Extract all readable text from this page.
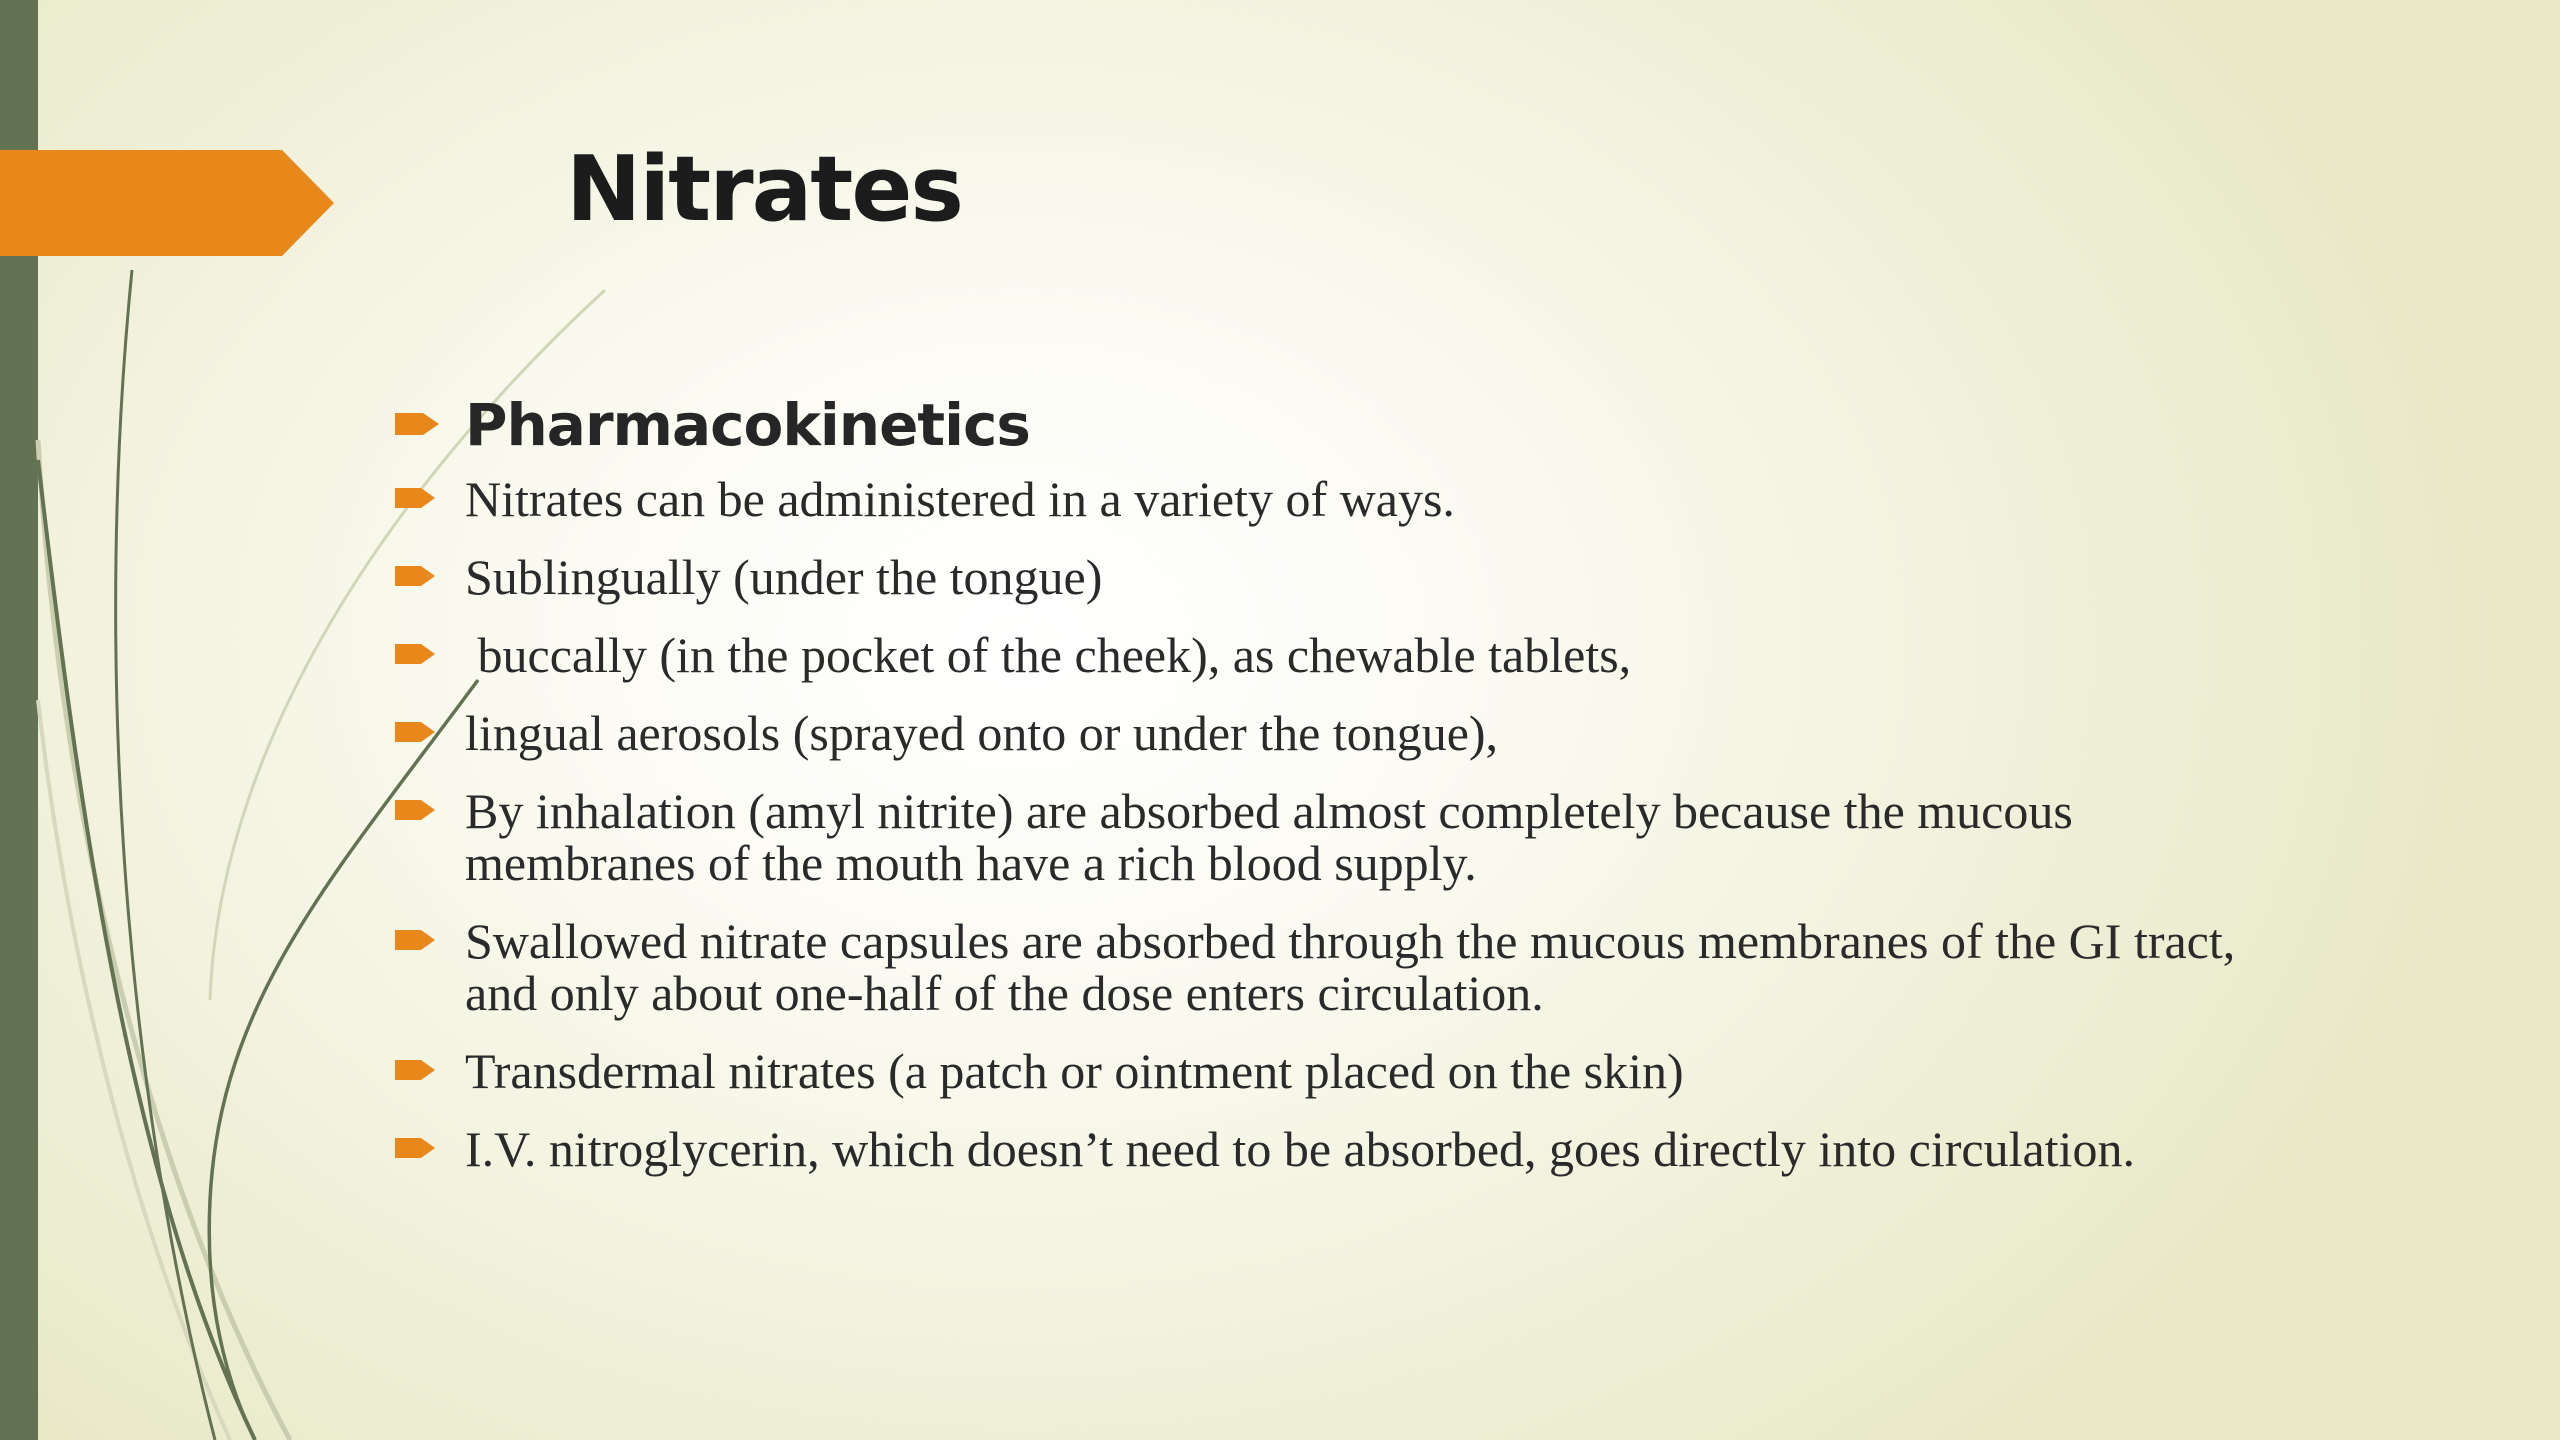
Nitrates
Pharmacokinetics
Nitrates can be administered in a variety of ways.
Sublingually (under the tongue)
buccally (in the pocket of the cheek), as chewable tablets,
lingual aerosols (sprayed onto or under the tongue),
By inhalation (amyl nitrite) are absorbed almost completely because the mucous membranes of the mouth have a rich blood supply.
Swallowed nitrate capsules are absorbed through the mucous membranes of the GI tract, and only about one-half of the dose enters circulation.
Transdermal nitrates (a patch or ointment placed on the skin)
I.V. nitroglycerin, which doesn’t need to be absorbed, goes directly into circulation.
